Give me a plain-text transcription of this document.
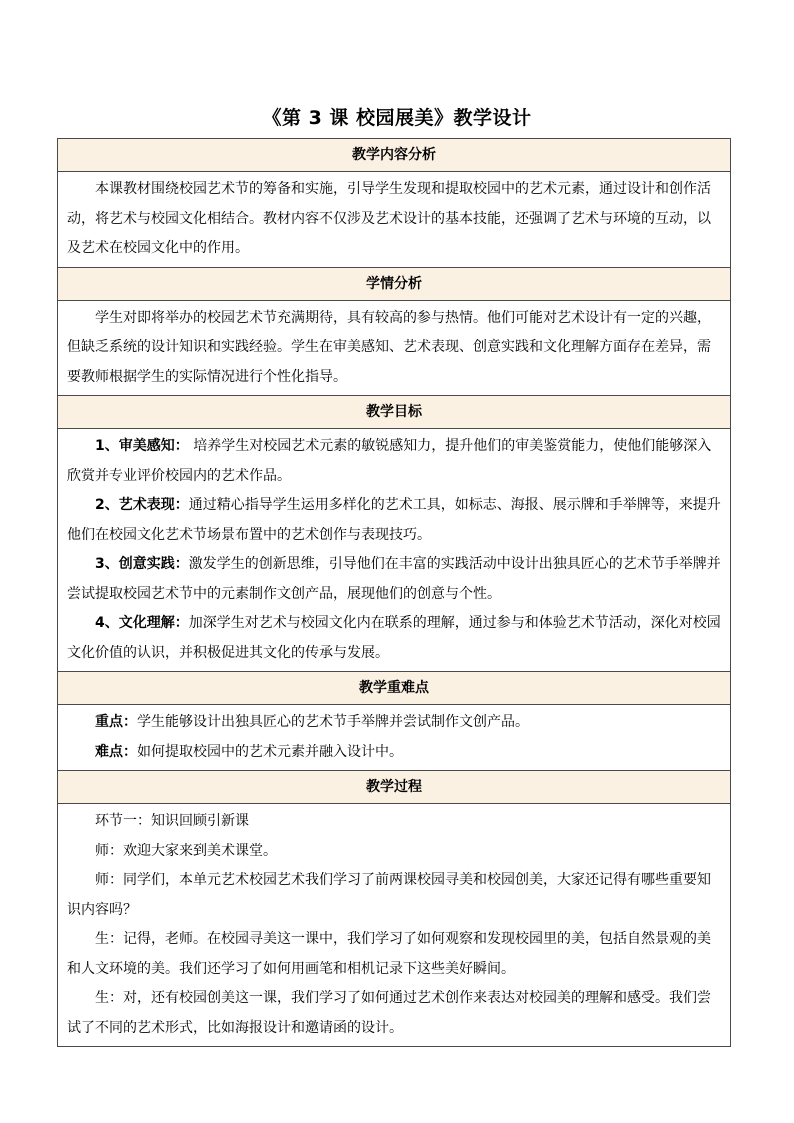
《第 3 课 校园展美》教学设计
教学内容分析

本课教材围绕校园艺术节的筹备和实施，引导学生发现和提取校园中的艺术元素，通过设计和创作活动，将艺术与校园文化相结合。教材内容不仅涉及艺术设计的基本技能，还强调了艺术与环境的互动，以及艺术在校园文化中的作用。

学情分析

学生对即将举办的校园艺术节充满期待，具有较高的参与热情。他们可能对艺术设计有一定的兴趣，但缺乏系统的设计知识和实践经验。学生在审美感知、艺术表现、创意实践和文化理解方面存在差异，需要教师根据学生的实际情况进行个性化指导。

教学目标

1、审美感知： 培养学生对校园艺术元素的敏锐感知力，提升他们的审美鉴赏能力，使他们能够深入欣赏并专业评价校园内的艺术作品。

2、艺术表现：通过精心指导学生运用多样化的艺术工具，如标志、海报、展示牌和手举牌等，来提升他们在校园文化艺术节场景布置中的艺术创作与表现技巧。

3、创意实践：激发学生的创新思维，引导他们在丰富的实践活动中设计出独具匠心的艺术节手举牌并尝试提取校园艺术节中的元素制作文创产品，展现他们的创意与个性。

4、文化理解：加深学生对艺术与校园文化内在联系的理解，通过参与和体验艺术节活动，深化对校园文化价值的认识，并积极促进其文化的传承与发展。

教学重难点

重点：学生能够设计出独具匠心的艺术节手举牌并尝试制作文创产品。

难点：如何提取校园中的艺术元素并融入设计中。

教学过程

环节一：知识回顾引新课

师：欢迎大家来到美术课堂。

师：同学们，本单元艺术校园艺术我们学习了前两课校园寻美和校园创美，大家还记得有哪些重要知识内容吗？

生：记得，老师。在校园寻美这一课中，我们学习了如何观察和发现校园里的美，包括自然景观的美和人文环境的美。我们还学习了如何用画笔和相机记录下这些美好瞬间。

生：对，还有校园创美这一课，我们学习了如何通过艺术创作来表达对校园美的理解和感受。我们尝试了不同的艺术形式，比如海报设计和邀请函的设计。
